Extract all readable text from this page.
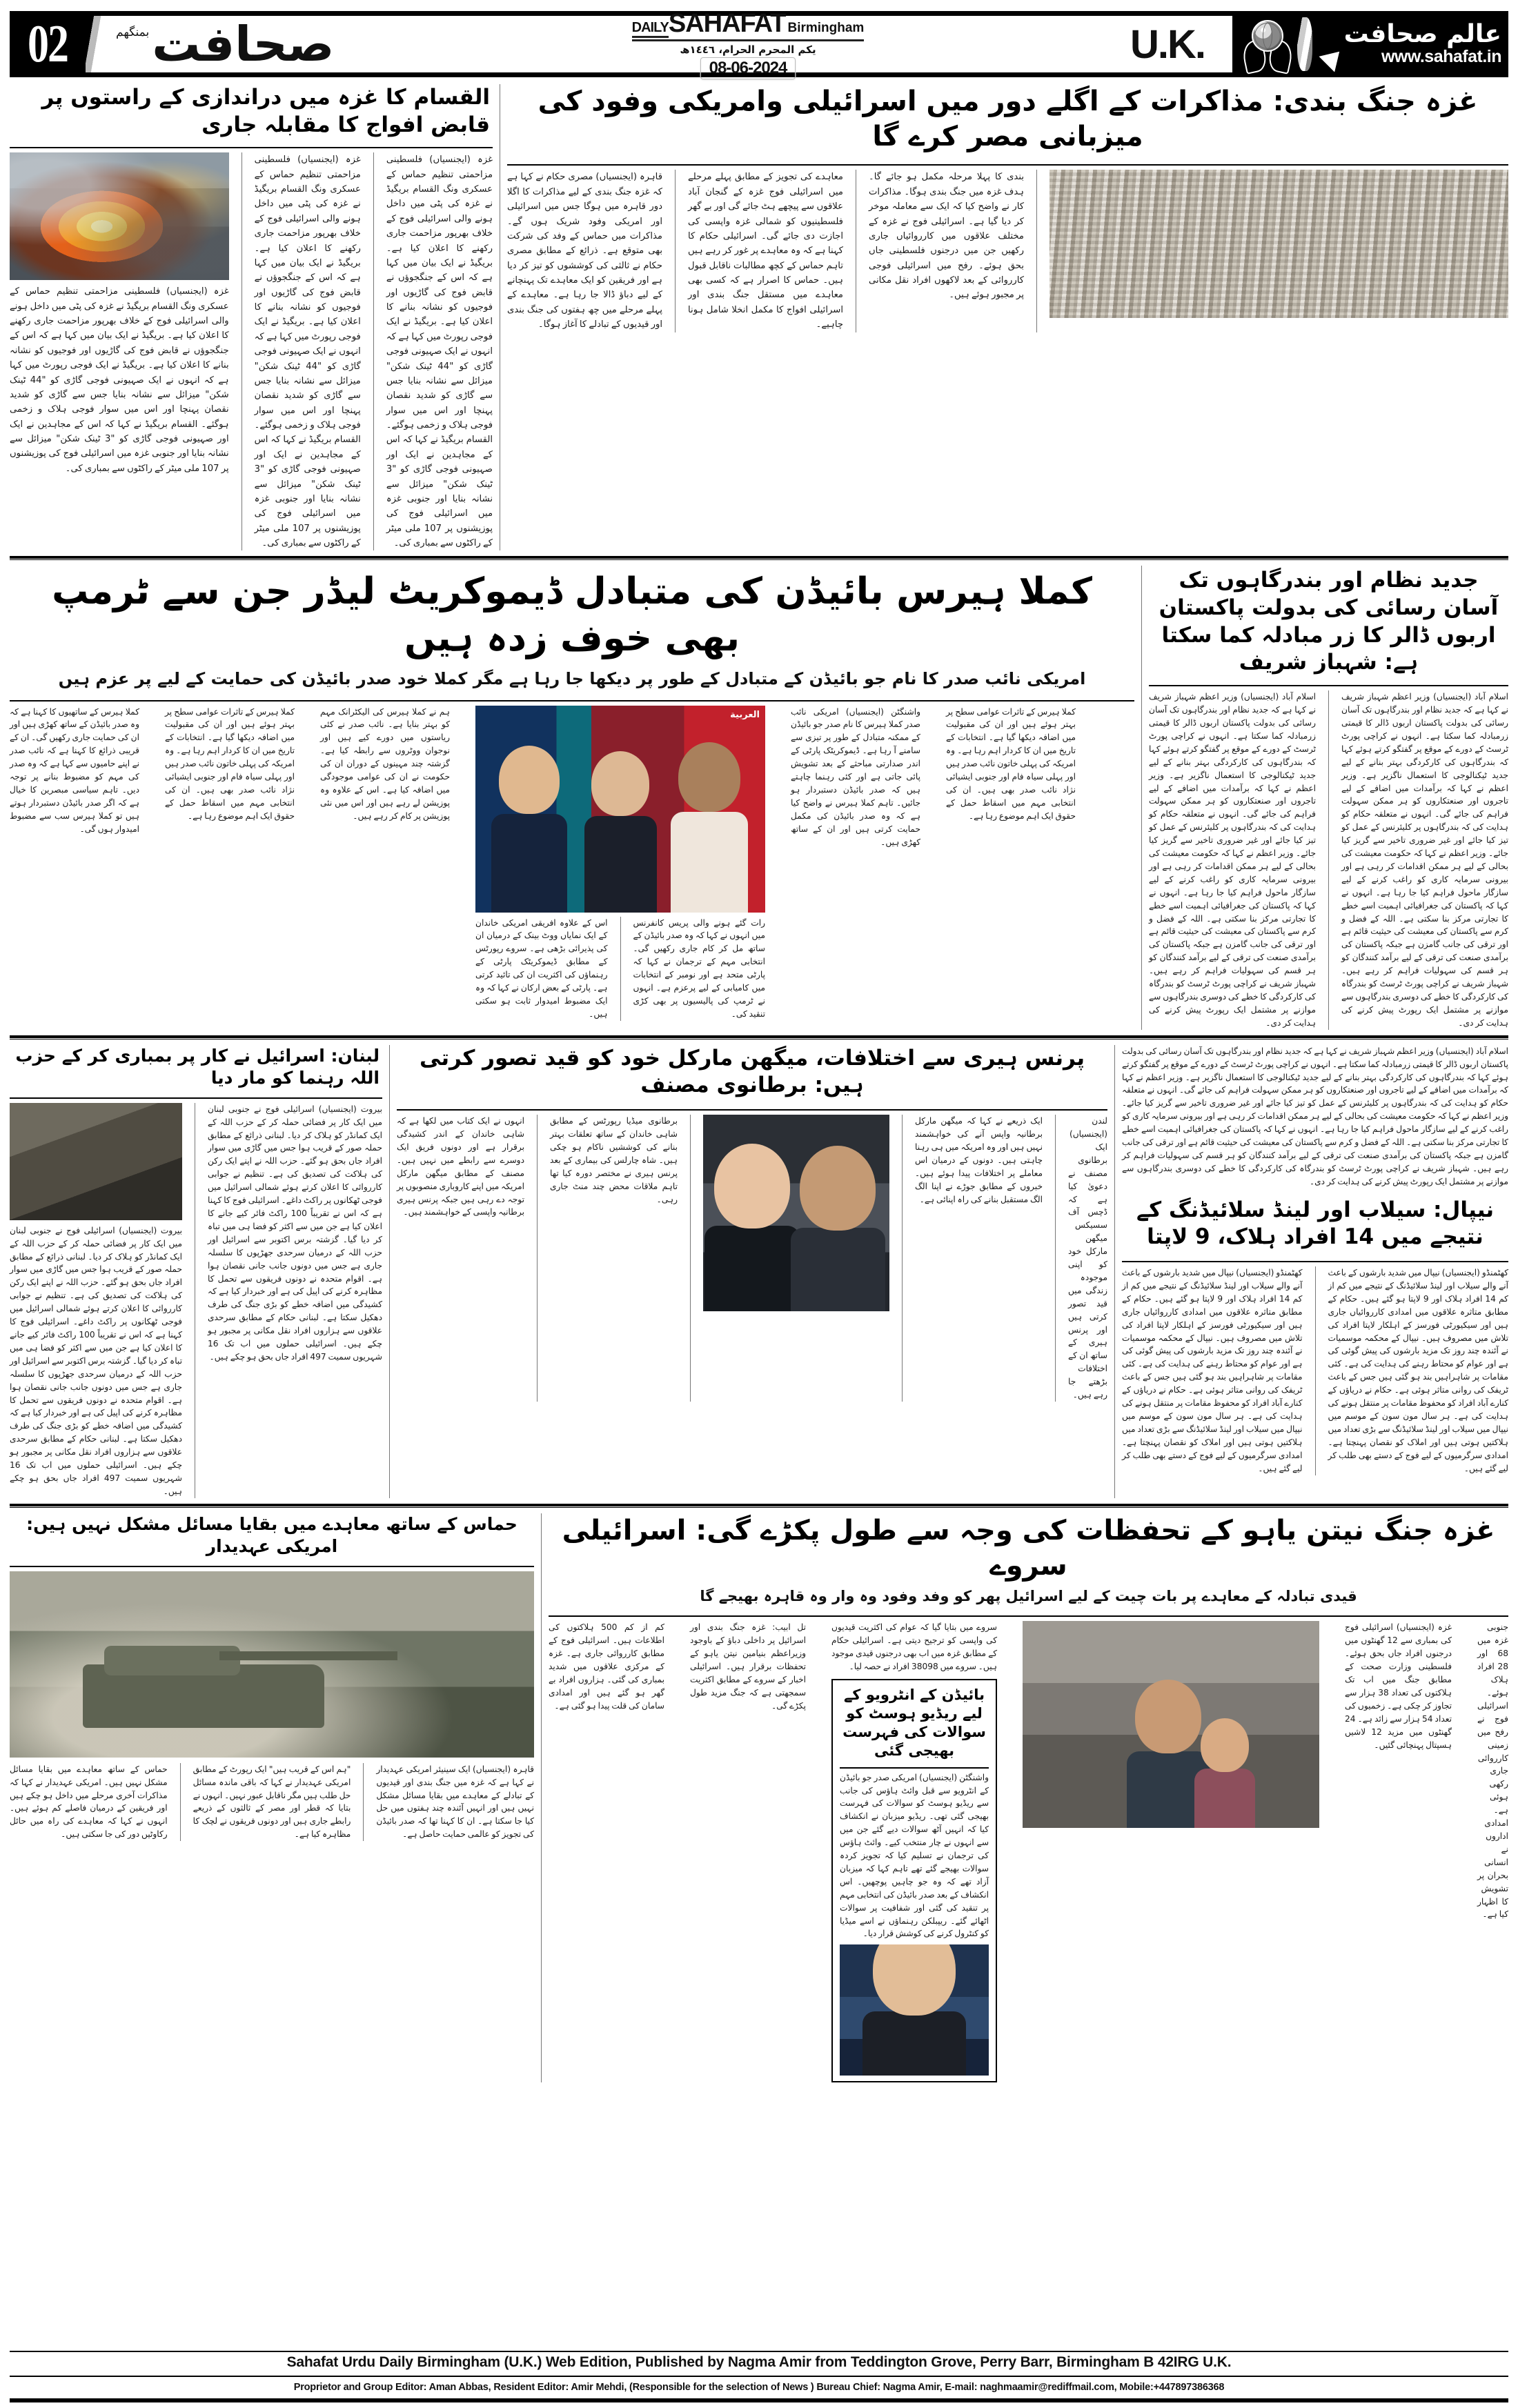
02	بمنگھم صحافت	DAILY SAHAFAT Birmingham
یکم المحرم الحرام، ١٤٤٦ھ
08-06-2024
U.K.	عالم صحافت
www.sahafat.in
القسام کا غزہ میں دراندازی کے راستوں پر قابض افواج کا مقابلہ جاری
غزہ (ایجنسیاں) فلسطینی مزاحمتی تنظیم حماس کے عسکری ونگ القسام بریگیڈ نے غزہ کی پٹی میں داخل ہونے والی اسرائیلی فوج کے خلاف بھرپور مزاحمت جاری رکھنے کا اعلان کیا ہے۔ بریگیڈ نے ایک بیان میں کہا ہے کہ اس کے جنگجوؤں نے قابض فوج کی گاڑیوں اور فوجیوں کو نشانہ بنانے کا اعلان کیا ہے۔ بریگیڈ نے ایک فوجی رپورٹ میں کہا ہے کہ انہوں نے ایک صہیونی فوجی گاڑی کو "44 ٹینک شکن" میزائل سے نشانہ بنایا جس سے گاڑی کو شدید نقصان پہنچا اور اس میں سوار فوجی ہلاک و زخمی ہوگئے۔ القسام بریگیڈ نے کہا کہ اس کے مجاہدین نے ایک اور صہیونی فوجی گاڑی کو "3 ٹینک شکن" میزائل سے نشانہ بنایا اور جنوبی غزہ میں اسرائیلی فوج کی پوزیشنوں پر 107 ملی میٹر کے راکٹوں سے بمباری کی۔
غزہ (ایجنسیاں) فلسطینی مزاحمتی تنظیم حماس کے عسکری ونگ القسام بریگیڈ نے غزہ کی پٹی میں داخل ہونے والی اسرائیلی فوج کے خلاف بھرپور مزاحمت جاری رکھنے کا اعلان کیا ہے۔ بریگیڈ نے ایک بیان میں کہا ہے کہ اس کے جنگجوؤں نے قابض فوج کی گاڑیوں اور فوجیوں کو نشانہ بنانے کا اعلان کیا ہے۔ بریگیڈ نے ایک فوجی رپورٹ میں کہا ہے کہ انہوں نے ایک صہیونی فوجی گاڑی کو "44 ٹینک شکن" میزائل سے نشانہ بنایا جس سے گاڑی کو شدید نقصان پہنچا اور اس میں سوار فوجی ہلاک و زخمی ہوگئے۔ القسام بریگیڈ نے کہا کہ اس کے مجاہدین نے ایک اور صہیونی فوجی گاڑی کو "3 ٹینک شکن" میزائل سے نشانہ بنایا اور جنوبی غزہ میں اسرائیلی فوج کی پوزیشنوں پر 107 ملی میٹر کے راکٹوں سے بمباری کی۔
غزہ (ایجنسیاں) فلسطینی مزاحمتی تنظیم حماس کے عسکری ونگ القسام بریگیڈ نے غزہ کی پٹی میں داخل ہونے والی اسرائیلی فوج کے خلاف بھرپور مزاحمت جاری رکھنے کا اعلان کیا ہے۔ بریگیڈ نے ایک بیان میں کہا ہے کہ اس کے جنگجوؤں نے قابض فوج کی گاڑیوں اور فوجیوں کو نشانہ بنانے کا اعلان کیا ہے۔ بریگیڈ نے ایک فوجی رپورٹ میں کہا ہے کہ انہوں نے ایک صہیونی فوجی گاڑی کو "44 ٹینک شکن" میزائل سے نشانہ بنایا جس سے گاڑی کو شدید نقصان پہنچا اور اس میں سوار فوجی ہلاک و زخمی ہوگئے۔ القسام بریگیڈ نے کہا کہ اس کے مجاہدین نے ایک اور صہیونی فوجی گاڑی کو "3 ٹینک شکن" میزائل سے نشانہ بنایا اور جنوبی غزہ میں اسرائیلی فوج کی پوزیشنوں پر 107 ملی میٹر کے راکٹوں سے بمباری کی۔
غزہ جنگ بندی: مذاکرات کے اگلے دور میں اسرائیلی وامریکی وفود کی میزبانی مصر کرے گا
قاہرہ (ایجنسیاں) مصری حکام نے کہا ہے کہ غزہ جنگ بندی کے لیے مذاکرات کا اگلا دور قاہرہ میں ہوگا جس میں اسرائیلی اور امریکی وفود شریک ہوں گے۔ مذاکرات میں حماس کے وفد کی شرکت بھی متوقع ہے۔ ذرائع کے مطابق مصری حکام نے ثالثی کی کوششوں کو تیز کر دیا ہے اور فریقین کو ایک معاہدے تک پہنچانے کے لیے دباؤ ڈالا جا رہا ہے۔ معاہدے کے پہلے مرحلے میں چھ ہفتوں کی جنگ بندی اور قیدیوں کے تبادلے کا آغاز ہوگا۔
معاہدے کی تجویز کے مطابق پہلے مرحلے میں اسرائیلی فوج غزہ کے گنجان آباد علاقوں سے پیچھے ہٹ جائے گی اور بے گھر فلسطینیوں کو شمالی غزہ واپسی کی اجازت دی جائے گی۔ اسرائیلی حکام کا کہنا ہے کہ وہ معاہدے پر غور کر رہے ہیں تاہم حماس کے کچھ مطالبات ناقابل قبول ہیں۔ حماس کا اصرار ہے کہ کسی بھی معاہدے میں مستقل جنگ بندی اور اسرائیلی افواج کا مکمل انخلا شامل ہونا چاہیے۔
بندی کا پہلا مرحلہ مکمل ہو جائے گا۔ ہدف غزہ میں جنگ بندی ہوگا۔ مذاکرات کار نے واضح کیا کہ ایک سے معاملہ موخر کر دیا گیا ہے۔ اسرائیلی فوج نے غزہ کے مختلف علاقوں میں کارروائیاں جاری رکھیں جن میں درجنوں فلسطینی جاں بحق ہوئے۔ رفح میں اسرائیلی فوجی کارروائی کے بعد لاکھوں افراد نقل مکانی پر مجبور ہوئے ہیں۔
کملا ہیرس بائیڈن کی متبادل ڈیموکریٹ لیڈر جن سے ٹرمپ بھی خوف زدہ ہیں
امریکی نائب صدر کا نام جو بائیڈن کے متبادل کے طور پر دیکھا جا رہا ہے مگر کملا خود صدر بائیڈن کی حمایت کے لیے پر عزم ہیں
کملا ہیرس کے ساتھیوں کا کہنا ہے کہ وہ صدر بائیڈن کے ساتھ کھڑی ہیں اور ان کی حمایت جاری رکھیں گی۔ ان کے قریبی ذرائع کا کہنا ہے کہ نائب صدر نے اپنے حامیوں سے کہا ہے کہ وہ صدر کی مہم کو مضبوط بنانے پر توجہ دیں۔ تاہم سیاسی مبصرین کا خیال ہے کہ اگر صدر بائیڈن دستبردار ہوتے ہیں تو کملا ہیرس سب سے مضبوط امیدوار ہوں گی۔
کملا ہیرس کے تاثرات عوامی سطح پر بہتر ہوئے ہیں اور ان کی مقبولیت میں اضافہ دیکھا گیا ہے۔ انتخابات کے تاریخ میں ان کا کردار اہم رہا ہے۔ وہ امریکہ کی پہلی خاتون نائب صدر ہیں اور پہلی سیاہ فام اور جنوبی ایشیائی نژاد نائب صدر بھی ہیں۔ ان کی انتخابی مہم میں اسقاط حمل کے حقوق ایک اہم موضوع رہا ہے۔
ہم نے کملا ہیرس کی الیکٹرانک مہم کو بہتر بنایا ہے۔ نائب صدر نے کئی ریاستوں میں دورے کیے ہیں اور نوجوان ووٹروں سے رابطہ کیا ہے۔ گزشتہ چند مہینوں کے دوران ان کی حکومت نے ان کی عوامی موجودگی میں اضافہ کیا ہے۔ اس کے علاوہ وہ پوزیشن لے رہے ہیں اور اس میں نئی پوزیشن پر کام کر رہے ہیں۔
العربية
اس کے علاوہ افریقی امریکی خاندان کے ایک نمایاں ووٹ بینک کے درمیان ان کی پذیرائی بڑھی ہے۔ سروے رپورٹس کے مطابق ڈیموکریٹک پارٹی کے رہنماؤں کی اکثریت ان کی تائید کرتی ہے۔ پارٹی کے بعض ارکان نے کہا کہ وہ ایک مضبوط امیدوار ثابت ہو سکتی ہیں۔
رات گئے ہونے والی پریس کانفرنس میں انہوں نے کہا کہ وہ صدر بائیڈن کے ساتھ مل کر کام جاری رکھیں گی۔ انتخابی مہم کے ترجمان نے کہا کہ پارٹی متحد ہے اور نومبر کے انتخابات میں کامیابی کے لیے پرعزم ہے۔ انہوں نے ٹرمپ کی پالیسیوں پر بھی کڑی تنقید کی۔
واشنگٹن (ایجنسیاں) امریکی نائب صدر کملا ہیرس کا نام صدر جو بائیڈن کے ممکنہ متبادل کے طور پر تیزی سے سامنے آ رہا ہے۔ ڈیموکریٹک پارٹی کے اندر صدارتی مباحثے کے بعد تشویش پائی جاتی ہے اور کئی رہنما چاہتے ہیں کہ صدر بائیڈن دستبردار ہو جائیں۔ تاہم کملا ہیرس نے واضح کیا ہے کہ وہ صدر بائیڈن کی مکمل حمایت کرتی ہیں اور ان کے ساتھ کھڑی ہیں۔
کملا ہیرس کے تاثرات عوامی سطح پر بہتر ہوئے ہیں اور ان کی مقبولیت میں اضافہ دیکھا گیا ہے۔ انتخابات کے تاریخ میں ان کا کردار اہم رہا ہے۔ وہ امریکہ کی پہلی خاتون نائب صدر ہیں اور پہلی سیاہ فام اور جنوبی ایشیائی نژاد نائب صدر بھی ہیں۔ ان کی انتخابی مہم میں اسقاط حمل کے حقوق ایک اہم موضوع رہا ہے۔
جدید نظام اور بندرگاہوں تک آسان رسائی کی بدولت پاکستان اربوں ڈالر کا زر مبادلہ کما سکتا ہے: شہباز شریف
اسلام آباد (ایجنسیاں) وزیر اعظم شہباز شریف نے کہا ہے کہ جدید نظام اور بندرگاہوں تک آسان رسائی کی بدولت پاکستان اربوں ڈالر کا قیمتی زرمبادلہ کما سکتا ہے۔ انہوں نے کراچی پورٹ ٹرسٹ کے دورے کے موقع پر گفتگو کرتے ہوئے کہا کہ بندرگاہوں کی کارکردگی بہتر بنانے کے لیے جدید ٹیکنالوجی کا استعمال ناگزیر ہے۔ وزیر اعظم نے کہا کہ برآمدات میں اضافے کے لیے تاجروں اور صنعتکاروں کو ہر ممکن سہولت فراہم کی جائے گی۔ انہوں نے متعلقہ حکام کو ہدایت کی کہ بندرگاہوں پر کلیئرنس کے عمل کو تیز کیا جائے اور غیر ضروری تاخیر سے گریز کیا جائے۔ وزیر اعظم نے کہا کہ حکومت معیشت کی بحالی کے لیے ہر ممکن اقدامات کر رہی ہے اور بیرونی سرمایہ کاری کو راغب کرنے کے لیے سازگار ماحول فراہم کیا جا رہا ہے۔ انہوں نے کہا کہ پاکستان کی جغرافیائی اہمیت اسے خطے کا تجارتی مرکز بنا سکتی ہے۔ اللہ کے فضل و کرم سے پاکستان کی معیشت کی حیثیت قائم ہے اور ترقی کی جانب گامزن ہے جبکہ پاکستان کی برآمدی صنعت کی ترقی کے لیے برآمد کنندگان کو ہر قسم کی سہولیات فراہم کر رہے ہیں۔ شہباز شریف نے کراچی پورٹ ٹرسٹ کو بندرگاہ کی کارکردگی کا خطے کی دوسری بندرگاہوں سے موازنے پر مشتمل ایک رپورٹ پیش کرنے کی ہدایت کر دی۔
اسلام آباد (ایجنسیاں) وزیر اعظم شہباز شریف نے کہا ہے کہ جدید نظام اور بندرگاہوں تک آسان رسائی کی بدولت پاکستان اربوں ڈالر کا قیمتی زرمبادلہ کما سکتا ہے۔ انہوں نے کراچی پورٹ ٹرسٹ کے دورے کے موقع پر گفتگو کرتے ہوئے کہا کہ بندرگاہوں کی کارکردگی بہتر بنانے کے لیے جدید ٹیکنالوجی کا استعمال ناگزیر ہے۔ وزیر اعظم نے کہا کہ برآمدات میں اضافے کے لیے تاجروں اور صنعتکاروں کو ہر ممکن سہولت فراہم کی جائے گی۔ انہوں نے متعلقہ حکام کو ہدایت کی کہ بندرگاہوں پر کلیئرنس کے عمل کو تیز کیا جائے اور غیر ضروری تاخیر سے گریز کیا جائے۔ وزیر اعظم نے کہا کہ حکومت معیشت کی بحالی کے لیے ہر ممکن اقدامات کر رہی ہے اور بیرونی سرمایہ کاری کو راغب کرنے کے لیے سازگار ماحول فراہم کیا جا رہا ہے۔ انہوں نے کہا کہ پاکستان کی جغرافیائی اہمیت اسے خطے کا تجارتی مرکز بنا سکتی ہے۔ اللہ کے فضل و کرم سے پاکستان کی معیشت کی حیثیت قائم ہے اور ترقی کی جانب گامزن ہے جبکہ پاکستان کی برآمدی صنعت کی ترقی کے لیے برآمد کنندگان کو ہر قسم کی سہولیات فراہم کر رہے ہیں۔ شہباز شریف نے کراچی پورٹ ٹرسٹ کو بندرگاہ کی کارکردگی کا خطے کی دوسری بندرگاہوں سے موازنے پر مشتمل ایک رپورٹ پیش کرنے کی ہدایت کر دی۔
لبنان: اسرائیل نے کار پر بمباری کر کے حزب اللہ رہنما کو مار دیا
بیروت (ایجنسیاں) اسرائیلی فوج نے جنوبی لبنان میں ایک کار پر فضائی حملہ کر کے حزب اللہ کے ایک کمانڈر کو ہلاک کر دیا۔ لبنانی ذرائع کے مطابق حملہ صور کے قریب ہوا جس میں گاڑی میں سوار افراد جاں بحق ہو گئے۔ حزب اللہ نے اپنے ایک رکن کی ہلاکت کی تصدیق کی ہے۔ تنظیم نے جوابی کارروائی کا اعلان کرتے ہوئے شمالی اسرائیل میں فوجی ٹھکانوں پر راکٹ داغے۔ اسرائیلی فوج کا کہنا ہے کہ اس نے تقریباً 100 راکٹ فائر کیے جانے کا اعلان کیا ہے جن میں سے اکثر کو فضا ہی میں تباہ کر دیا گیا۔ گزشتہ برس اکتوبر سے اسرائیل اور حزب اللہ کے درمیان سرحدی جھڑپوں کا سلسلہ جاری ہے جس میں دونوں جانب جانی نقصان ہوا ہے۔ اقوام متحدہ نے دونوں فریقوں سے تحمل کا مظاہرہ کرنے کی اپیل کی ہے اور خبردار کیا ہے کہ کشیدگی میں اضافہ خطے کو بڑی جنگ کی طرف دھکیل سکتا ہے۔ لبنانی حکام کے مطابق سرحدی علاقوں سے ہزاروں افراد نقل مکانی پر مجبور ہو چکے ہیں۔ اسرائیلی حملوں میں اب تک 16 شہریوں سمیت 497 افراد جاں بحق ہو چکے ہیں۔
بیروت (ایجنسیاں) اسرائیلی فوج نے جنوبی لبنان میں ایک کار پر فضائی حملہ کر کے حزب اللہ کے ایک کمانڈر کو ہلاک کر دیا۔ لبنانی ذرائع کے مطابق حملہ صور کے قریب ہوا جس میں گاڑی میں سوار افراد جاں بحق ہو گئے۔ حزب اللہ نے اپنے ایک رکن کی ہلاکت کی تصدیق کی ہے۔ تنظیم نے جوابی کارروائی کا اعلان کرتے ہوئے شمالی اسرائیل میں فوجی ٹھکانوں پر راکٹ داغے۔ اسرائیلی فوج کا کہنا ہے کہ اس نے تقریباً 100 راکٹ فائر کیے جانے کا اعلان کیا ہے جن میں سے اکثر کو فضا ہی میں تباہ کر دیا گیا۔ گزشتہ برس اکتوبر سے اسرائیل اور حزب اللہ کے درمیان سرحدی جھڑپوں کا سلسلہ جاری ہے جس میں دونوں جانب جانی نقصان ہوا ہے۔ اقوام متحدہ نے دونوں فریقوں سے تحمل کا مظاہرہ کرنے کی اپیل کی ہے اور خبردار کیا ہے کہ کشیدگی میں اضافہ خطے کو بڑی جنگ کی طرف دھکیل سکتا ہے۔ لبنانی حکام کے مطابق سرحدی علاقوں سے ہزاروں افراد نقل مکانی پر مجبور ہو چکے ہیں۔ اسرائیلی حملوں میں اب تک 16 شہریوں سمیت 497 افراد جاں بحق ہو چکے ہیں۔
پرنس ہیری سے اختلافات، میگھن مارکل خود کو قید تصور کرتی ہیں: برطانوی مصنف
انہوں نے ایک کتاب میں لکھا ہے کہ شاہی خاندان کے اندر کشیدگی برقرار ہے اور دونوں فریق ایک دوسرے سے رابطے میں نہیں ہیں۔ مصنف کے مطابق میگھن مارکل امریکہ میں اپنے کاروباری منصوبوں پر توجہ دے رہی ہیں جبکہ پرنس ہیری برطانیہ واپسی کے خواہشمند ہیں۔
برطانوی میڈیا رپورٹس کے مطابق شاہی خاندان کے ساتھ تعلقات بہتر بنانے کی کوششیں ناکام ہو چکی ہیں۔ شاہ چارلس کی بیماری کے بعد پرنس ہیری نے مختصر دورہ کیا تھا تاہم ملاقات محض چند منٹ جاری رہی۔
ایک ذریعے نے کہا کہ میگھن مارکل برطانیہ واپس آنے کی خواہشمند نہیں ہیں اور وہ امریکہ میں ہی رہنا چاہتی ہیں۔ دونوں کے درمیان اس معاملے پر اختلافات پیدا ہوئے ہیں۔ خبروں کے مطابق جوڑے نے اپنا الگ الگ مستقبل بنانے کی راہ اپنائی ہے۔
لندن (ایجنسیاں) ایک برطانوی مصنف نے دعویٰ کیا ہے کہ ڈچس آف سسیکس میگھن مارکل خود کو اپنی موجودہ زندگی میں قید تصور کرتی ہیں اور پرنس ہیری کے ساتھ ان کے اختلافات بڑھتے جا رہے ہیں۔
اسلام آباد (ایجنسیاں) وزیر اعظم شہباز شریف نے کہا ہے کہ جدید نظام اور بندرگاہوں تک آسان رسائی کی بدولت پاکستان اربوں ڈالر کا قیمتی زرمبادلہ کما سکتا ہے۔ انہوں نے کراچی پورٹ ٹرسٹ کے دورے کے موقع پر گفتگو کرتے ہوئے کہا کہ بندرگاہوں کی کارکردگی بہتر بنانے کے لیے جدید ٹیکنالوجی کا استعمال ناگزیر ہے۔ وزیر اعظم نے کہا کہ برآمدات میں اضافے کے لیے تاجروں اور صنعتکاروں کو ہر ممکن سہولت فراہم کی جائے گی۔ انہوں نے متعلقہ حکام کو ہدایت کی کہ بندرگاہوں پر کلیئرنس کے عمل کو تیز کیا جائے اور غیر ضروری تاخیر سے گریز کیا جائے۔ وزیر اعظم نے کہا کہ حکومت معیشت کی بحالی کے لیے ہر ممکن اقدامات کر رہی ہے اور بیرونی سرمایہ کاری کو راغب کرنے کے لیے سازگار ماحول فراہم کیا جا رہا ہے۔ انہوں نے کہا کہ پاکستان کی جغرافیائی اہمیت اسے خطے کا تجارتی مرکز بنا سکتی ہے۔ اللہ کے فضل و کرم سے پاکستان کی معیشت کی حیثیت قائم ہے اور ترقی کی جانب گامزن ہے جبکہ پاکستان کی برآمدی صنعت کی ترقی کے لیے برآمد کنندگان کو ہر قسم کی سہولیات فراہم کر رہے ہیں۔ شہباز شریف نے کراچی پورٹ ٹرسٹ کو بندرگاہ کی کارکردگی کا خطے کی دوسری بندرگاہوں سے موازنے پر مشتمل ایک رپورٹ پیش کرنے کی ہدایت کر دی۔
نیپال: سیلاب اور لینڈ سلائیڈنگ کے نتیجے میں 14 افراد ہلاک، 9 لاپتا
کھٹمنڈو (ایجنسیاں) نیپال میں شدید بارشوں کے باعث آنے والے سیلاب اور لینڈ سلائیڈنگ کے نتیجے میں کم از کم 14 افراد ہلاک اور 9 لاپتا ہو گئے ہیں۔ حکام کے مطابق متاثرہ علاقوں میں امدادی کارروائیاں جاری ہیں اور سیکیورٹی فورسز کے اہلکار لاپتا افراد کی تلاش میں مصروف ہیں۔ نیپال کے محکمہ موسمیات نے آئندہ چند روز تک مزید بارشوں کی پیش گوئی کی ہے اور عوام کو محتاط رہنے کی ہدایت کی ہے۔ کئی مقامات پر شاہراہیں بند ہو گئی ہیں جس کے باعث ٹریفک کی روانی متاثر ہوئی ہے۔ حکام نے دریاؤں کے کنارے آباد افراد کو محفوظ مقامات پر منتقل ہونے کی ہدایت کی ہے۔ ہر سال مون سون کے موسم میں نیپال میں سیلاب اور لینڈ سلائیڈنگ سے بڑی تعداد میں ہلاکتیں ہوتی ہیں اور املاک کو نقصان پہنچتا ہے۔ امدادی سرگرمیوں کے لیے فوج کے دستے بھی طلب کر لیے گئے ہیں۔
کھٹمنڈو (ایجنسیاں) نیپال میں شدید بارشوں کے باعث آنے والے سیلاب اور لینڈ سلائیڈنگ کے نتیجے میں کم از کم 14 افراد ہلاک اور 9 لاپتا ہو گئے ہیں۔ حکام کے مطابق متاثرہ علاقوں میں امدادی کارروائیاں جاری ہیں اور سیکیورٹی فورسز کے اہلکار لاپتا افراد کی تلاش میں مصروف ہیں۔ نیپال کے محکمہ موسمیات نے آئندہ چند روز تک مزید بارشوں کی پیش گوئی کی ہے اور عوام کو محتاط رہنے کی ہدایت کی ہے۔ کئی مقامات پر شاہراہیں بند ہو گئی ہیں جس کے باعث ٹریفک کی روانی متاثر ہوئی ہے۔ حکام نے دریاؤں کے کنارے آباد افراد کو محفوظ مقامات پر منتقل ہونے کی ہدایت کی ہے۔ ہر سال مون سون کے موسم میں نیپال میں سیلاب اور لینڈ سلائیڈنگ سے بڑی تعداد میں ہلاکتیں ہوتی ہیں اور املاک کو نقصان پہنچتا ہے۔ امدادی سرگرمیوں کے لیے فوج کے دستے بھی طلب کر لیے گئے ہیں۔
حماس کے ساتھ معاہدے میں بقایا مسائل مشکل نہیں ہیں: امریکی عہدیدار
حماس کے ساتھ معاہدے میں بقایا مسائل مشکل نہیں ہیں۔ امریکی عہدیدار نے کہا کہ مذاکرات آخری مرحلے میں داخل ہو چکے ہیں اور فریقین کے درمیان فاصلے کم ہوئے ہیں۔ انہوں نے کہا کہ معاہدے کی راہ میں حائل رکاوٹیں دور کی جا سکتی ہیں۔
"ہم اس کے قریب ہیں" ایک رپورٹ کے مطابق امریکی عہدیدار نے کہا کہ باقی ماندہ مسائل حل طلب ہیں مگر ناقابل عبور نہیں۔ انہوں نے بتایا کہ قطر اور مصر کے ثالثوں کے ذریعے رابطے جاری ہیں اور دونوں فریقوں نے لچک کا مظاہرہ کیا ہے۔
قاہرہ (ایجنسیاں) ایک سینیئر امریکی عہدیدار نے کہا ہے کہ غزہ میں جنگ بندی اور قیدیوں کے تبادلے کے معاہدے میں بقایا مسائل مشکل نہیں ہیں اور انہیں آئندہ چند ہفتوں میں حل کیا جا سکتا ہے۔ ان کا کہنا تھا کہ صدر بائیڈن کی تجویز کو عالمی حمایت حاصل ہے۔
غزہ جنگ نیتن یاہو کے تحفظات کی وجہ سے طول پکڑے گی: اسرائیلی سروے
قیدی تبادلہ کے معاہدے پر بات چیت کے لیے اسرائیل پھر کو وفد وفود وہ وار وہ قاہرہ بھیجے گا
کم از کم 500 ہلاکتوں کی اطلاعات ہیں۔ اسرائیلی فوج کے مطابق کارروائی جاری ہے۔ غزہ کے مرکزی علاقوں میں شدید بمباری کی گئی۔ ہزاروں افراد بے گھر ہو گئے ہیں اور امدادی سامان کی قلت پیدا ہو گئی ہے۔
تل ابیب: غزہ جنگ بندی اور اسرائیل پر داخلی دباؤ کے باوجود وزیراعظم بنیامین نیتن یاہو کے تحفظات برقرار ہیں۔ اسرائیلی اخبار کے سروے کے مطابق اکثریت سمجھتی ہے کہ جنگ مزید طول پکڑے گی۔
سروے میں بتایا گیا کہ عوام کی اکثریت قیدیوں کی واپسی کو ترجیح دیتی ہے۔ اسرائیلی حکام کے مطابق غزہ میں اب بھی درجنوں قیدی موجود ہیں۔ سروے میں 38098 افراد نے حصہ لیا۔
بائیڈن کے انٹرویو کے لیے ریڈیو ہوسٹ کو سوالات کی فہرست بھیجی گئی
واشنگٹن (ایجنسیاں) امریکی صدر جو بائیڈن کے انٹرویو سے قبل وائٹ ہاؤس کی جانب سے ریڈیو ہوسٹ کو سوالات کی فہرست بھیجی گئی تھی۔ ریڈیو میزبان نے انکشاف کیا کہ انہیں آٹھ سوالات دیے گئے جن میں سے انہوں نے چار منتخب کیے۔ وائٹ ہاؤس کی ترجمان نے تسلیم کیا کہ تجویز کردہ سوالات بھیجے گئے تھے تاہم کہا کہ میزبان آزاد تھے کہ وہ جو چاہیں پوچھیں۔ اس انکشاف کے بعد صدر بائیڈن کی انتخابی مہم پر تنقید کی گئی اور شفافیت پر سوالات اٹھائے گئے۔ ریپبلکن رہنماؤں نے اسے میڈیا کو کنٹرول کرنے کی کوشش قرار دیا۔
غزہ (ایجنسیاں) اسرائیلی فوج کی بمباری سے 12 گھنٹوں میں درجنوں افراد جاں بحق ہوئے۔ فلسطینی وزارت صحت کے مطابق جنگ میں اب تک ہلاکتوں کی تعداد 38 ہزار سے تجاوز کر چکی ہے۔ زخمیوں کی تعداد 54 ہزار سے زائد ہے۔ 24 گھنٹوں میں مزید 12 لاشیں ہسپتال پہنچائی گئیں۔
جنوبی غزہ میں 68 اور 28 افراد ہلاک ہوئے۔ اسرائیلی فوج نے رفح میں زمینی کارروائی جاری رکھی ہوئی ہے۔ امدادی اداروں نے انسانی بحران پر تشویش کا اظہار کیا ہے۔
Sahafat Urdu Daily Birmingham (U.K.) Web Edition, Published by Nagma Amir from Teddington Grove, Perry Barr, Birmingham B 42IRG U.K.
Proprietor and Group Editor: Aman Abbas, Resident Editor: Amir Mehdi, (Responsible for the selection of News ) Bureau Chief: Nagma Amir, E-mail: naghmaamir@rediffmail.com, Mobile:+447897386368
